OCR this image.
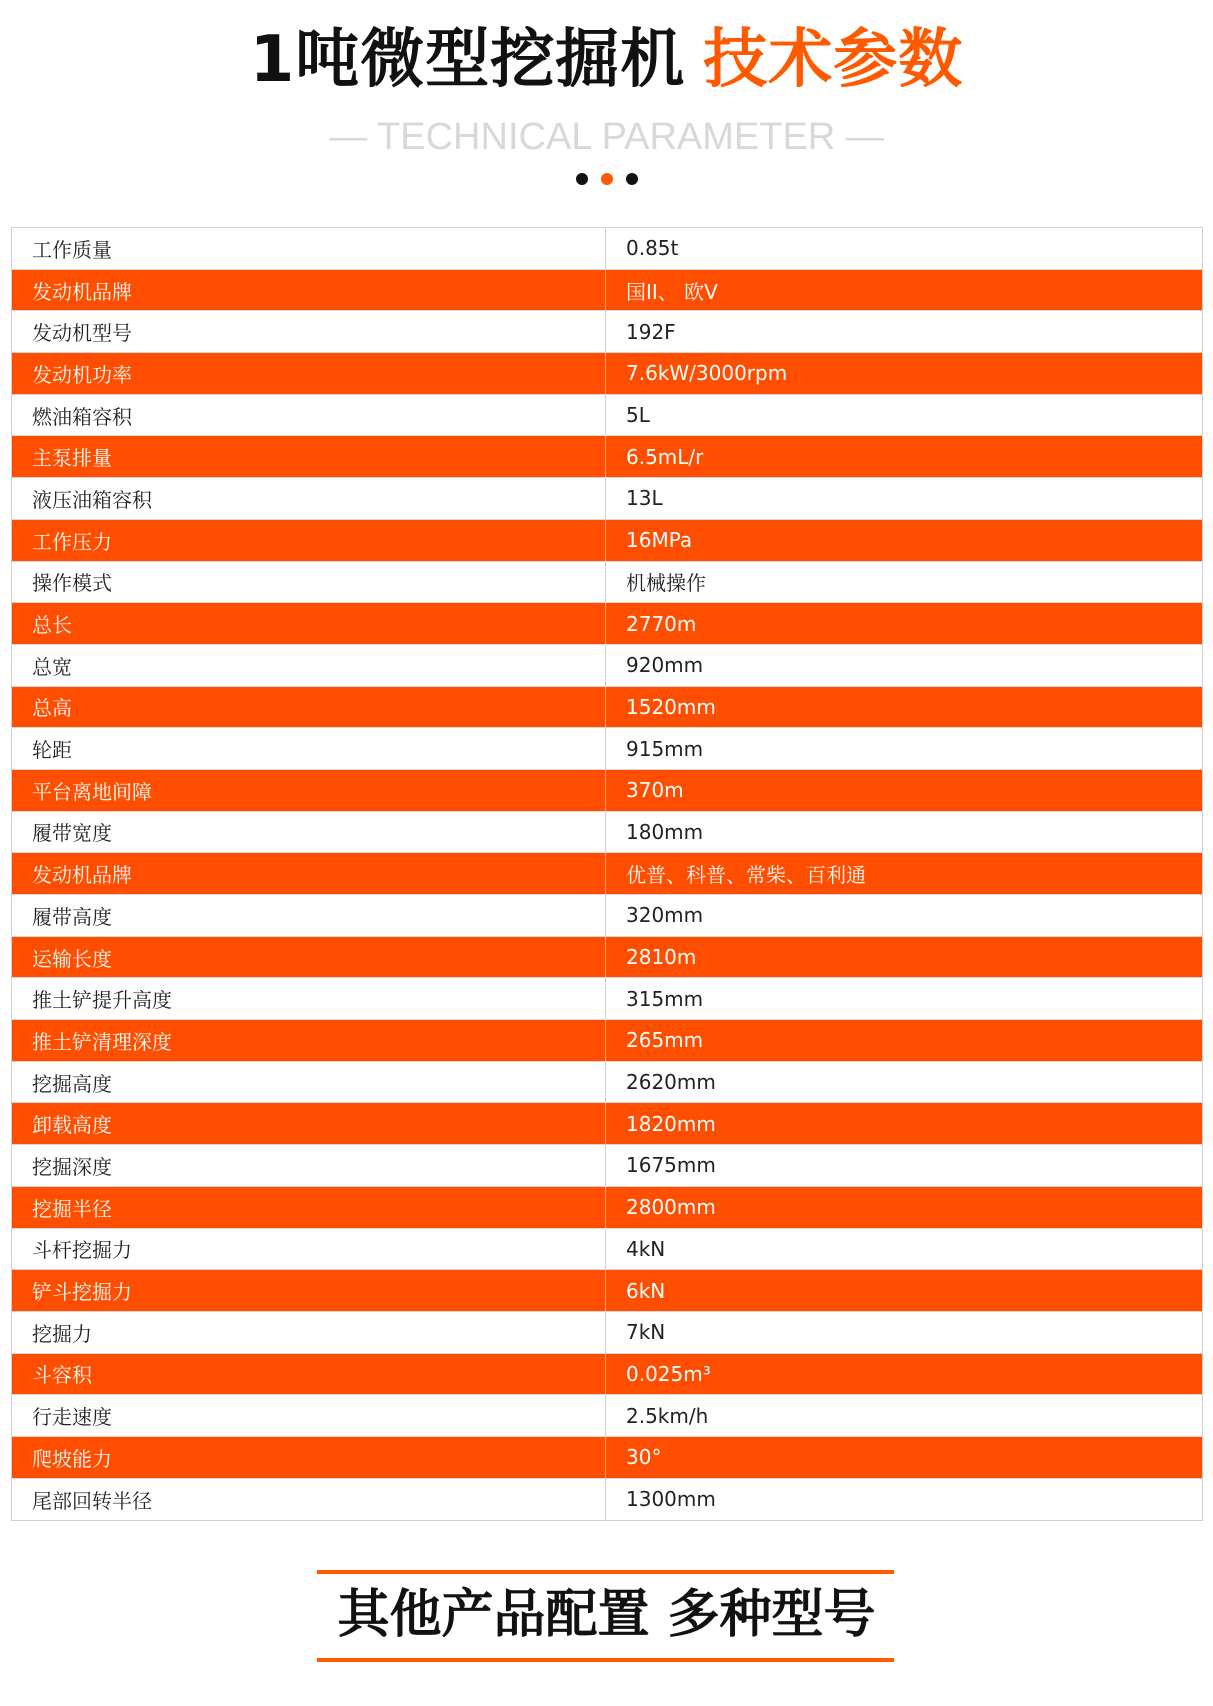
1吨微型挖掘机 技术参数
— TECHNICAL PARAMETER —
工作质量	0.85t
发动机品牌	国II、 欧V
发动机型号	192F
发动机功率	7.6kW/3000rpm
燃油箱容积	5L
主泵排量	6.5mL/r
液压油箱容积	13L
工作压力	16MPa
操作模式	机械操作
总长	2770m
总宽	920mm
总高	1520mm
轮距	915mm
平台离地间障	370m
履带宽度	180mm
发动机品牌	优普、科普、常柴、百利通
履带高度	320mm
运输长度	2810m
推土铲提升高度	315mm
推土铲清理深度	265mm
挖掘高度	2620mm
卸载高度	1820mm
挖掘深度	1675mm
挖掘半径	2800mm
斗杆挖掘力	4kN
铲斗挖掘力	6kN
挖掘力	7kN
斗容积	0.025m³
行走速度	2.5km/h
爬坡能力	30°
尾部回转半径	1300mm
其他产品配置 多种型号
